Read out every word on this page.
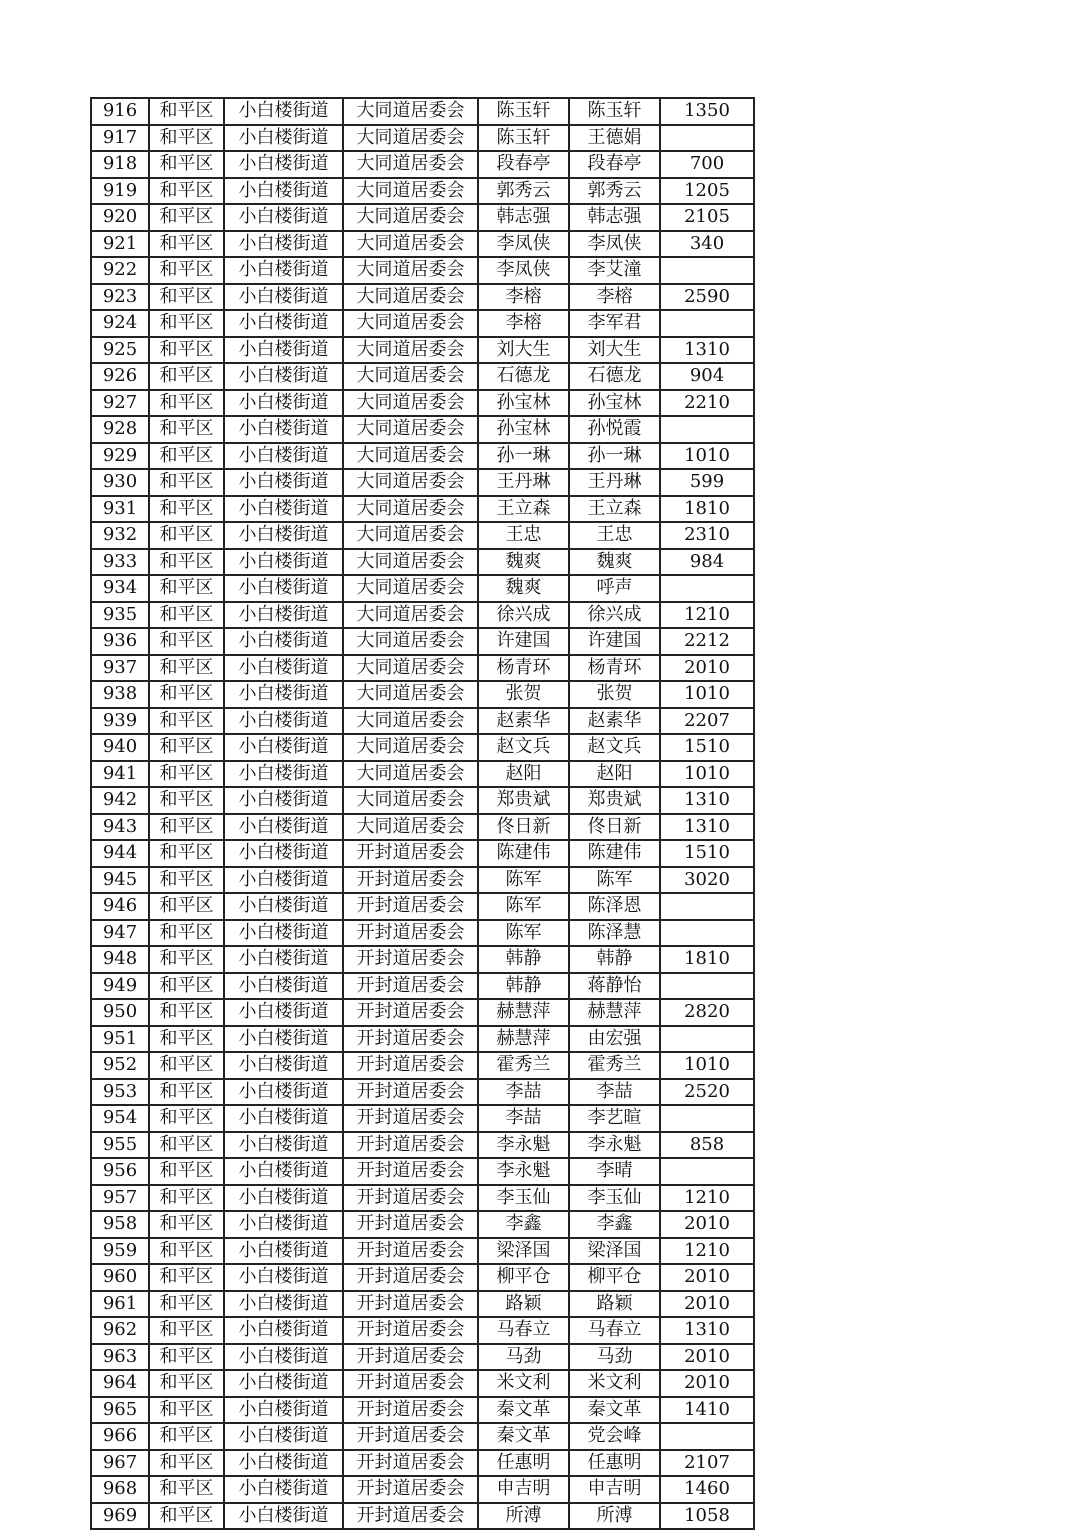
916	和平区	小白楼街道	大同道居委会	陈玉轩	陈玉轩	1350
917	和平区	小白楼街道	大同道居委会	陈玉轩	王德娟	
918	和平区	小白楼街道	大同道居委会	段春亭	段春亭	700
919	和平区	小白楼街道	大同道居委会	郭秀云	郭秀云	1205
920	和平区	小白楼街道	大同道居委会	韩志强	韩志强	2105
921	和平区	小白楼街道	大同道居委会	李凤侠	李凤侠	340
922	和平区	小白楼街道	大同道居委会	李凤侠	李艾潼	
923	和平区	小白楼街道	大同道居委会	李榕	李榕	2590
924	和平区	小白楼街道	大同道居委会	李榕	李军君	
925	和平区	小白楼街道	大同道居委会	刘大生	刘大生	1310
926	和平区	小白楼街道	大同道居委会	石德龙	石德龙	904
927	和平区	小白楼街道	大同道居委会	孙宝林	孙宝林	2210
928	和平区	小白楼街道	大同道居委会	孙宝林	孙悦霞	
929	和平区	小白楼街道	大同道居委会	孙一琳	孙一琳	1010
930	和平区	小白楼街道	大同道居委会	王丹琳	王丹琳	599
931	和平区	小白楼街道	大同道居委会	王立森	王立森	1810
932	和平区	小白楼街道	大同道居委会	王忠	王忠	2310
933	和平区	小白楼街道	大同道居委会	魏爽	魏爽	984
934	和平区	小白楼街道	大同道居委会	魏爽	呼声	
935	和平区	小白楼街道	大同道居委会	徐兴成	徐兴成	1210
936	和平区	小白楼街道	大同道居委会	许建国	许建国	2212
937	和平区	小白楼街道	大同道居委会	杨青环	杨青环	2010
938	和平区	小白楼街道	大同道居委会	张贺	张贺	1010
939	和平区	小白楼街道	大同道居委会	赵素华	赵素华	2207
940	和平区	小白楼街道	大同道居委会	赵文兵	赵文兵	1510
941	和平区	小白楼街道	大同道居委会	赵阳	赵阳	1010
942	和平区	小白楼街道	大同道居委会	郑贵斌	郑贵斌	1310
943	和平区	小白楼街道	大同道居委会	佟日新	佟日新	1310
944	和平区	小白楼街道	开封道居委会	陈建伟	陈建伟	1510
945	和平区	小白楼街道	开封道居委会	陈军	陈军	3020
946	和平区	小白楼街道	开封道居委会	陈军	陈泽恩	
947	和平区	小白楼街道	开封道居委会	陈军	陈泽慧	
948	和平区	小白楼街道	开封道居委会	韩静	韩静	1810
949	和平区	小白楼街道	开封道居委会	韩静	蒋静怡	
950	和平区	小白楼街道	开封道居委会	赫慧萍	赫慧萍	2820
951	和平区	小白楼街道	开封道居委会	赫慧萍	由宏强	
952	和平区	小白楼街道	开封道居委会	霍秀兰	霍秀兰	1010
953	和平区	小白楼街道	开封道居委会	李喆	李喆	2520
954	和平区	小白楼街道	开封道居委会	李喆	李艺暄	
955	和平区	小白楼街道	开封道居委会	李永魁	李永魁	858
956	和平区	小白楼街道	开封道居委会	李永魁	李晴	
957	和平区	小白楼街道	开封道居委会	李玉仙	李玉仙	1210
958	和平区	小白楼街道	开封道居委会	李鑫	李鑫	2010
959	和平区	小白楼街道	开封道居委会	梁泽国	梁泽国	1210
960	和平区	小白楼街道	开封道居委会	柳平仓	柳平仓	2010
961	和平区	小白楼街道	开封道居委会	路颖	路颖	2010
962	和平区	小白楼街道	开封道居委会	马春立	马春立	1310
963	和平区	小白楼街道	开封道居委会	马劲	马劲	2010
964	和平区	小白楼街道	开封道居委会	米文利	米文利	2010
965	和平区	小白楼街道	开封道居委会	秦文革	秦文革	1410
966	和平区	小白楼街道	开封道居委会	秦文革	党会峰	
967	和平区	小白楼街道	开封道居委会	任惠明	任惠明	2107
968	和平区	小白楼街道	开封道居委会	申吉明	申吉明	1460
969	和平区	小白楼街道	开封道居委会	所溥	所溥	1058
